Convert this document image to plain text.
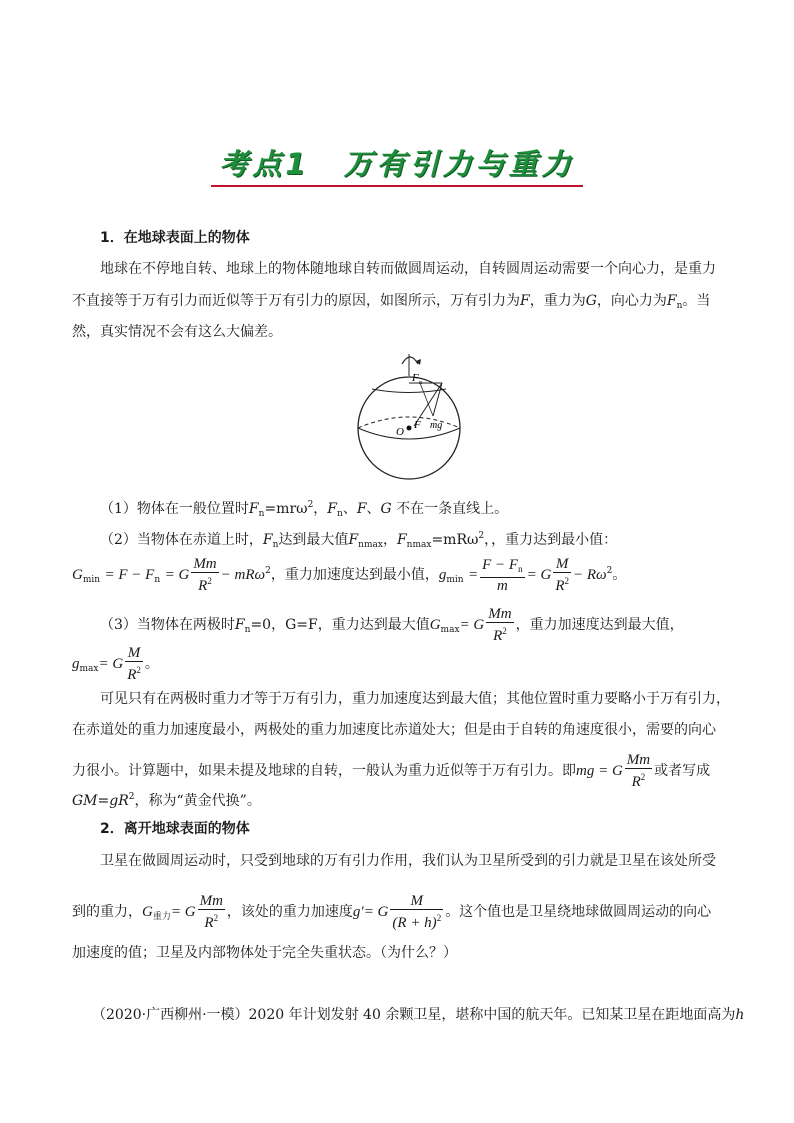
考点1 万有引力与重力
1．在地球表面上的物体
地球在不停地自转、地球上的物体随地球自转而做圆周运动，自转圆周运动需要一个向心力，是重力
不直接等于万有引力而近似等于万有引力的原因，如图所示，万有引力为F，重力为G，向心力为$F_n$。当
然，真实情况不会有这么大偏差。
F n
O
F mg
（1）物体在一般位置时$F_n=mr\omega^2$，$F_n$、F、G 不在一条直线上。
（2）当物体在赤道上时，$F_n$达到最大值$F_{nmax}$，$F_{nmax}=mR\omega^2$，，重力达到最小值：
$G_{min} = F - F_n = G \frac{Mm}{R^2} - mR\omega^2$，重力加速度达到最小值，$g_{min} = \frac{F - F_n}{m} = G \frac{M}{R^2} - R\omega^2$。
（3）当物体在两极时$F_n=0$，G=F，重力达到最大值$G_{max}= G \frac{Mm}{R^2}$ ，重力加速度达到最大值，
$g_{max}= G \frac{M}{R^2}$ 。
可见只有在两极时重力才等于万有引力，重力加速度达到最大值；其他位置时重力要略小于万有引力，
在赤道处的重力加速度最小，两极处的重力加速度比赤道处大；但是由于自转的角速度很小，需要的向心
力很小。计算题中，如果未提及地球的自转，一般认为重力近似等于万有引力。即mg = G $\frac{Mm}{R^2}$ 或者写成
$GM=gR^2$，称为“黄金代换”。
2．离开地球表面的物体
卫星在做圆周运动时，只受到地球的万有引力作用，我们认为卫星所受到的引力就是卫星在该处所受
到的重力，$G_{重力}= G \frac{Mm}{R^2}$ ，该处的重力加速度g′= G $\frac{M}{(R + h)^2}$ 。这个值也是卫星绕地球做圆周运动的向心
加速度的值；卫星及内部物体处于完全失重状态。（为什么？）
（2020·广西柳州·一模）2020 年计划发射 40 余颗卫星，堪称中国的航天年。已知某卫星在距地面高为h
